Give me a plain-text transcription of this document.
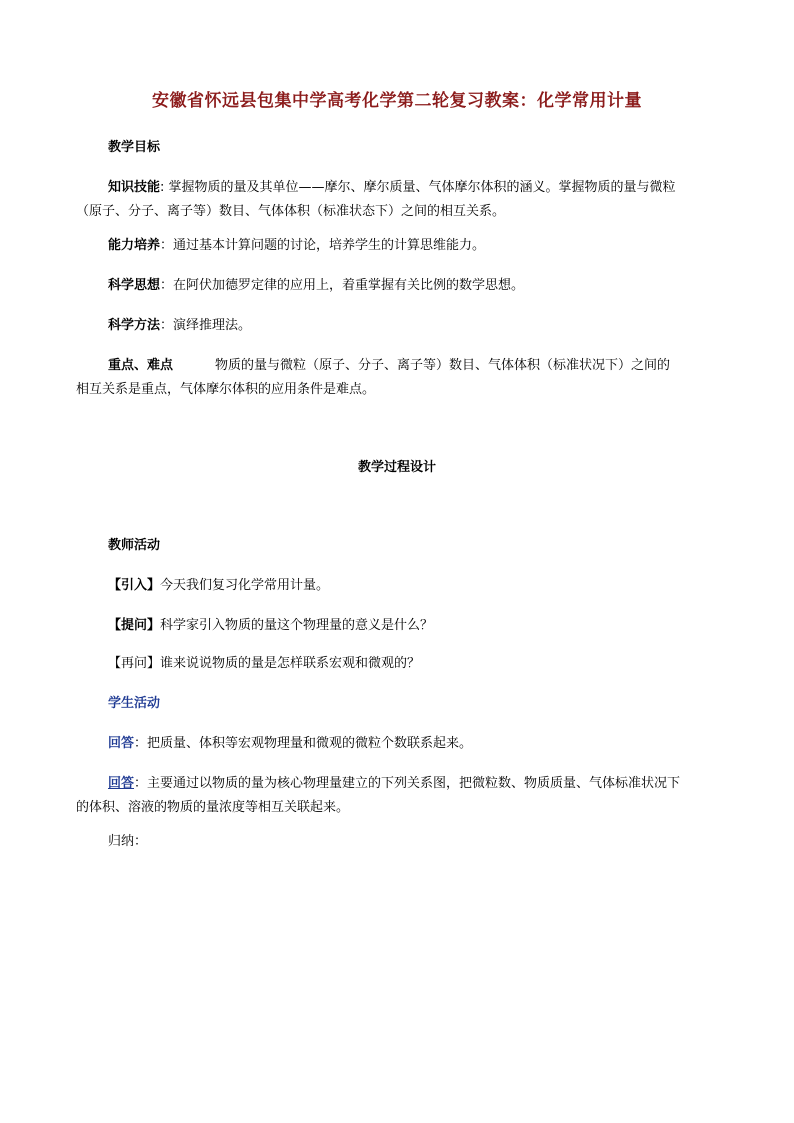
安徽省怀远县包集中学高考化学第二轮复习教案：化学常用计量
教学目标
知识技能: 掌握物质的量及其单位——摩尔、摩尔质量、气体摩尔体积的涵义。掌握物质的量与微粒
（原子、分子、离子等）数目、气体体积（标准状态下）之间的相互关系。
能力培养：通过基本计算问题的讨论，培养学生的计算思维能力。
科学思想：在阿伏加德罗定律的应用上，着重掌握有关比例的数学思想。
科学方法：演绎推理法。
重点、难点	物质的量与微粒（原子、分子、离子等）数目、气体体积（标准状况下）之间的
相互关系是重点，气体摩尔体积的应用条件是难点。
教学过程设计
教师活动
【引入】今天我们复习化学常用计量。
【提问】科学家引入物质的量这个物理量的意义是什么？
【再问】谁来说说物质的量是怎样联系宏观和微观的？
学生活动
回答：把质量、体积等宏观物理量和微观的微粒个数联系起来。
回答：主要通过以物质的量为核心物理量建立的下列关系图，把微粒数、物质质量、气体标准状况下
的体积、溶液的物质的量浓度等相互关联起来。
归纳：
